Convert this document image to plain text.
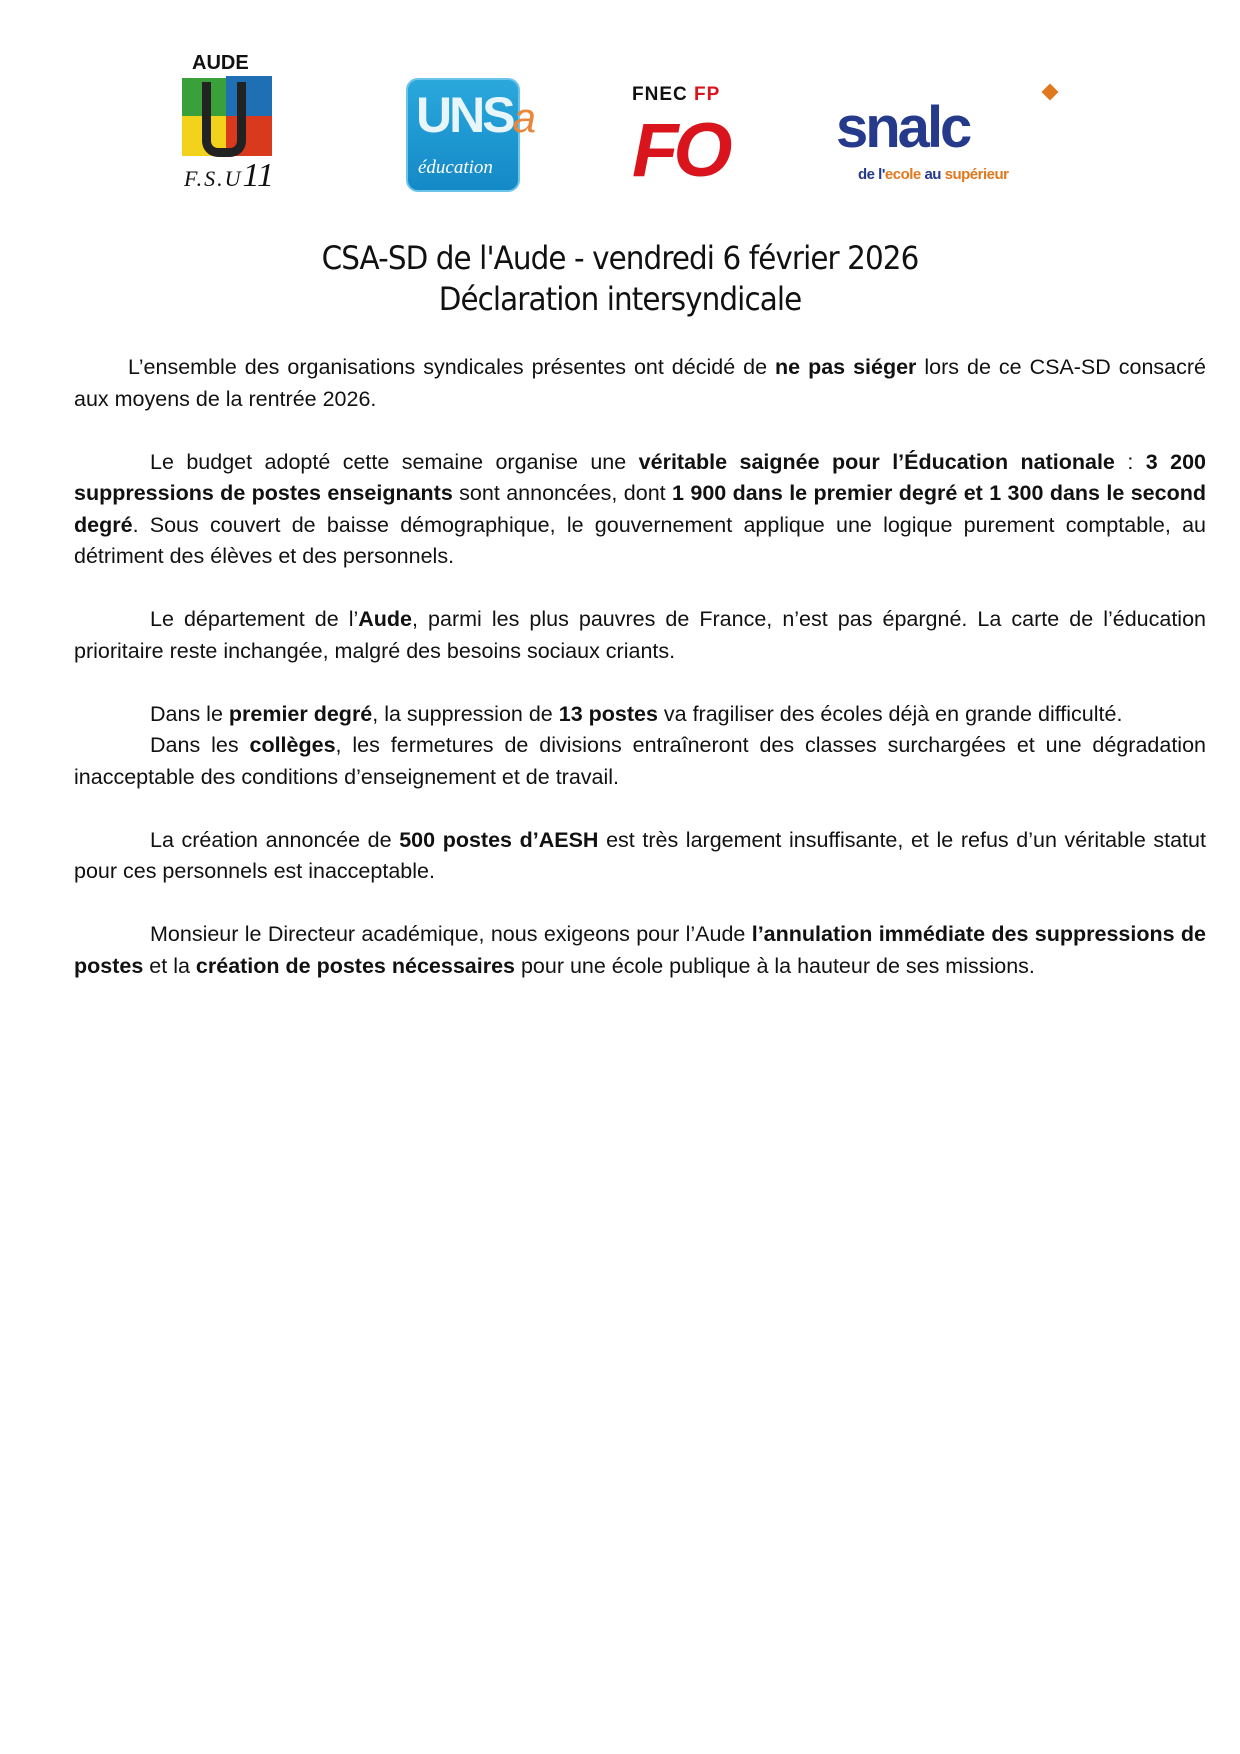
AUDE
F.S.U11
UNSa
éducation
FNEC FP
FO	snalc
de l'ecole au supérieur
CSA-SD de l'Aude - vendredi 6 février 2026
Déclaration intersyndicale

L’ensemble des organisations syndicales présentes ont décidé de ne pas siéger lors de ce CSA-SD consacré aux moyens de la rentrée 2026.

Le budget adopté cette semaine organise une véritable saignée pour l’Éducation nationale : 3 200 suppressions de postes enseignants sont annoncées, dont 1 900 dans le premier degré et 1 300 dans le second degré. Sous couvert de baisse démographique, le gouvernement applique une logique purement comptable, au détriment des élèves et des personnels.

Le département de l’Aude, parmi les plus pauvres de France, n’est pas épargné. La carte de l’éducation prioritaire reste inchangée, malgré des besoins sociaux criants.

Dans le premier degré, la suppression de 13 postes va fragiliser des écoles déjà en grande difficulté.

Dans les collèges, les fermetures de divisions entraîneront des classes surchargées et une dégradation inacceptable des conditions d’enseignement et de travail.

La création annoncée de 500 postes d’AESH est très largement insuffisante, et le refus d’un véritable statut pour ces personnels est inacceptable.

Monsieur le Directeur académique, nous exigeons pour l’Aude l’annulation immédiate des suppressions de postes et la création de postes nécessaires pour une école publique à la hauteur de ses missions.
